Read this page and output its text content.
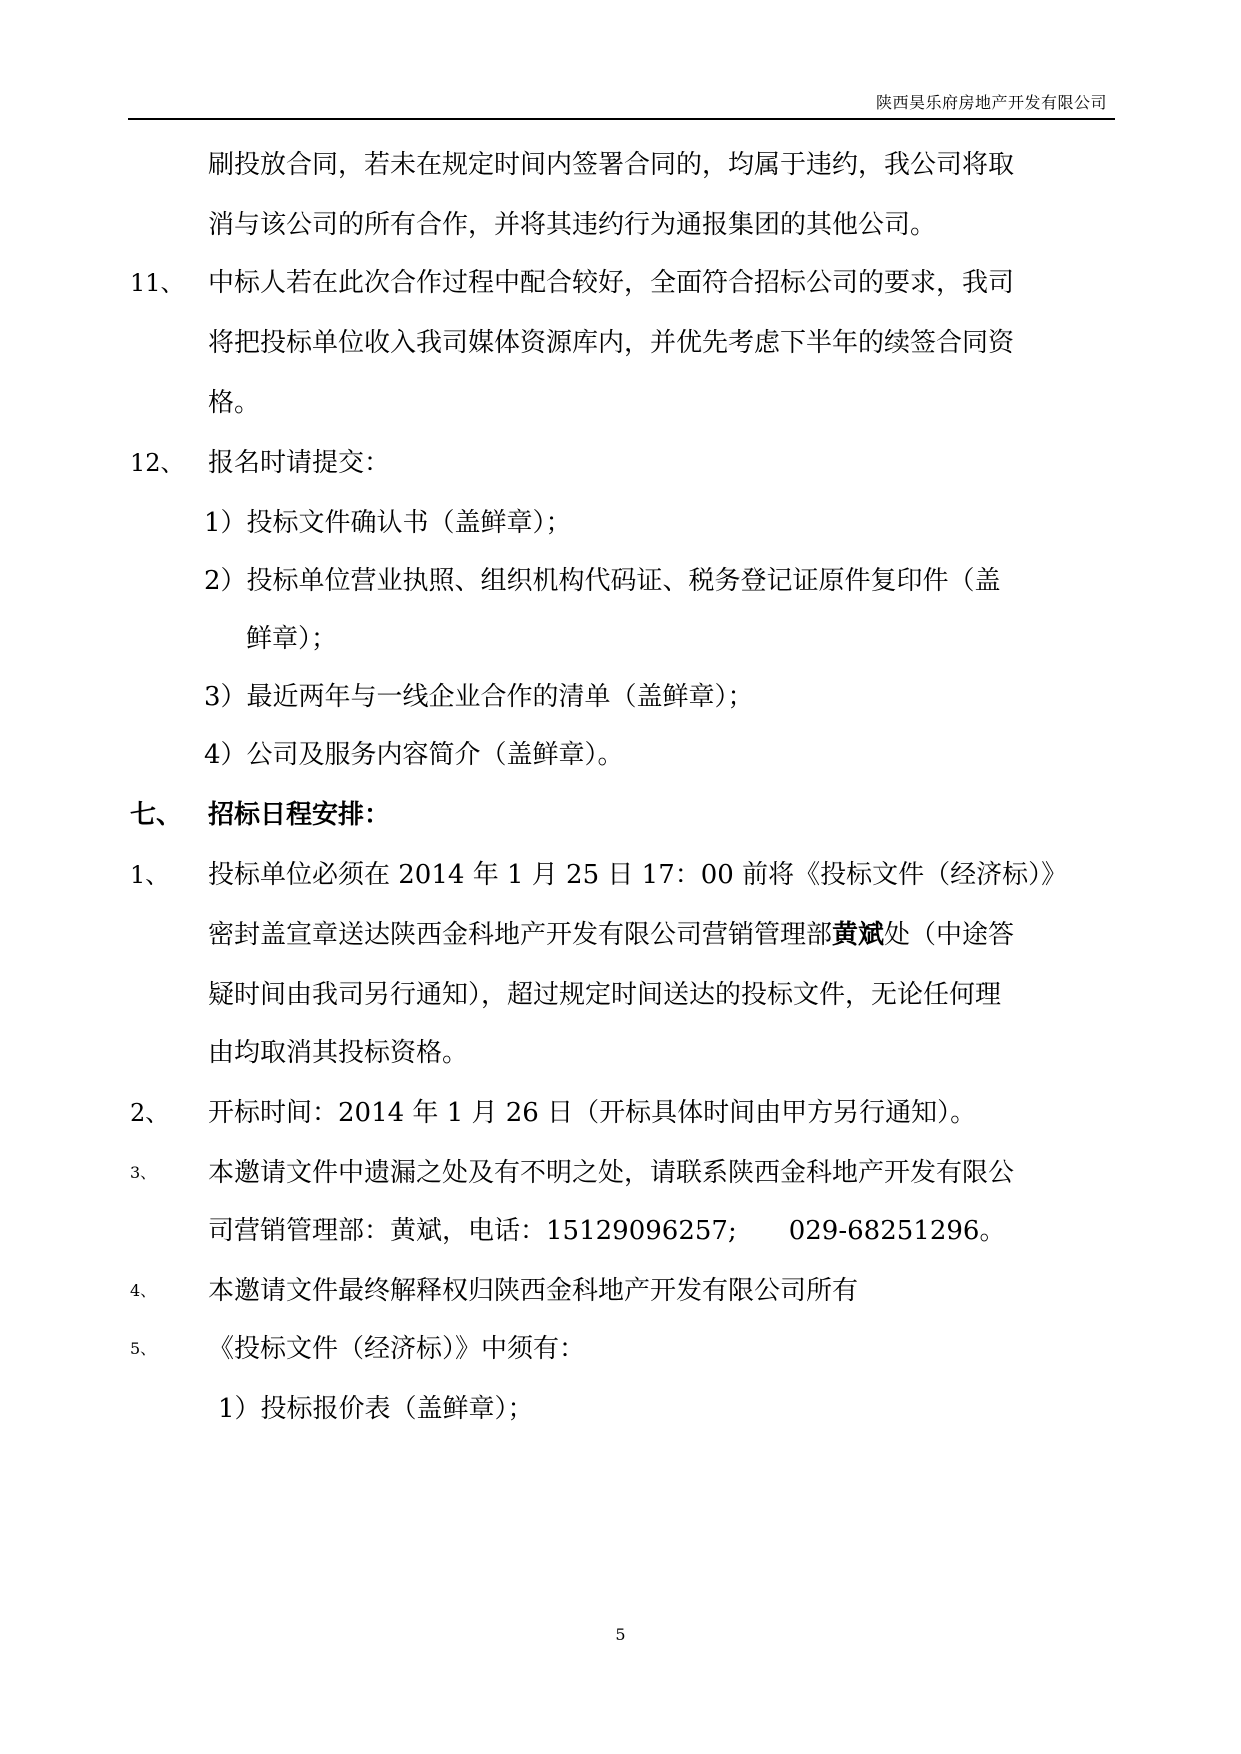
陕西昊乐府房地产开发有限公司
刷投放合同，若未在规定时间内签署合同的，均属于违约，我公司将取
消与该公司的所有合作，并将其违约行为通报集团的其他公司。
11、 中标人若在此次合作过程中配合较好，全面符合招标公司的要求，我司
将把投标单位收入我司媒体资源库内，并优先考虑下半年的续签合同资
格。
12、 报名时请提交：
1）投标文件确认书（盖鲜章）；
2）投标单位营业执照、组织机构代码证、税务登记证原件复印件（盖
鲜章）；
3）最近两年与一线企业合作的清单（盖鲜章）；
4）公司及服务内容简介（盖鲜章）。
七、 招标日程安排：
1、 投标单位必须在 2014 年 1 月 25 日 17：00 前将《投标文件（经济标）》
密封盖宣章送达陕西金科地产开发有限公司营销管理部黄斌处（中途答
疑时间由我司另行通知），超过规定时间送达的投标文件，无论任何理
由均取消其投标资格。
2、 开标时间：2014 年 1 月 26 日（开标具体时间由甲方另行通知）。
3、 本邀请文件中遗漏之处及有不明之处，请联系陕西金科地产开发有限公
司营销管理部：黄斌，电话：15129096257;　　029-68251296。
4、 本邀请文件最终解释权归陕西金科地产开发有限公司所有
5、 《投标文件（经济标）》中须有：
1）投标报价表（盖鲜章）；
5
